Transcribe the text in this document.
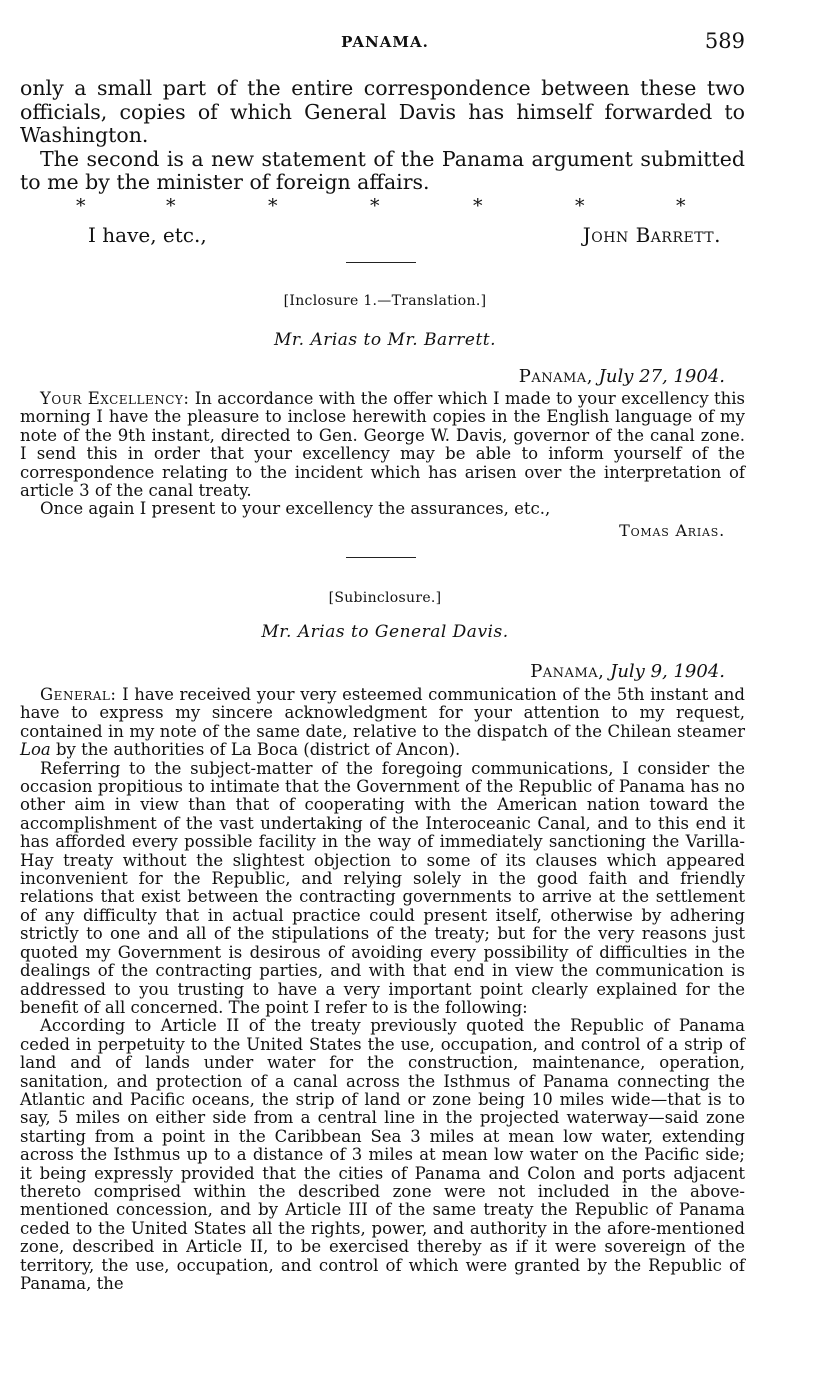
PANAMA.	589

only a small part of the entire correspondence between these two officials, copies of which General Davis has himself forwarded to Washington.

The second is a new statement of the Panama argument submitted to me by the minister of foreign affairs.

*	*	*	*	*	*	*
I have, etc.,	John Barrett.
[Inclosure 1.—Translation.]
Mr. Arias to Mr. Barrett.
Panama, July 27, 1904.

Your Excellency: In accordance with the offer which I made to your excellency this morning I have the pleasure to inclose herewith copies in the English language of my note of the 9th instant, directed to Gen. George W. Davis, governor of the canal zone. I send this in order that your excellency may be able to inform yourself of the correspondence relating to the incident which has arisen over the interpretation of article 3 of the canal treaty.

Once again I present to your excellency the assurances, etc.,

Tomas Arias.
[Subinclosure.]
Mr. Arias to General Davis.
Panama, July 9, 1904.

General: I have received your very esteemed communication of the 5th instant and have to express my sincere acknowledgment for your attention to my request, contained in my note of the same date, relative to the dispatch of the Chilean steamer Loa by the authorities of La Boca (district of Ancon).

Referring to the subject-matter of the foregoing communications, I consider the occasion propitious to intimate that the Government of the Republic of Panama has no other aim in view than that of cooperating with the American nation toward the accomplishment of the vast undertaking of the Interoceanic Canal, and to this end it has afforded every possible facility in the way of immediately sanctioning the Varilla-Hay treaty without the slightest objection to some of its clauses which appeared inconvenient for the Republic, and relying solely in the good faith and friendly relations that exist between the contracting governments to arrive at the settlement of any difficulty that in actual practice could present itself, otherwise by adhering strictly to one and all of the stipulations of the treaty; but for the very reasons just quoted my Government is desirous of avoiding every possibility of difficulties in the dealings of the contracting parties, and with that end in view the communication is addressed to you trusting to have a very important point clearly explained for the benefit of all concerned. The point I refer to is the following:

According to Article II of the treaty previously quoted the Republic of Panama ceded in perpetuity to the United States the use, occupation, and control of a strip of land and of lands under water for the construction, maintenance, operation, sanitation, and protection of a canal across the Isthmus of Panama connecting the Atlantic and Pacific oceans, the strip of land or zone being 10 miles wide—that is to say, 5 miles on either side from a central line in the projected waterway—said zone starting from a point in the Caribbean Sea 3 miles at mean low water, extending across the Isthmus up to a distance of 3 miles at mean low water on the Pacific side; it being expressly provided that the cities of Panama and Colon and ports adjacent thereto comprised within the described zone were not included in the above-mentioned concession, and by Article III of the same treaty the Republic of Panama ceded to the United States all the rights, power, and authority in the afore-mentioned zone, described in Article II, to be exercised thereby as if it were sovereign of the territory, the use, occupation, and control of which were granted by the Republic of Panama, the
